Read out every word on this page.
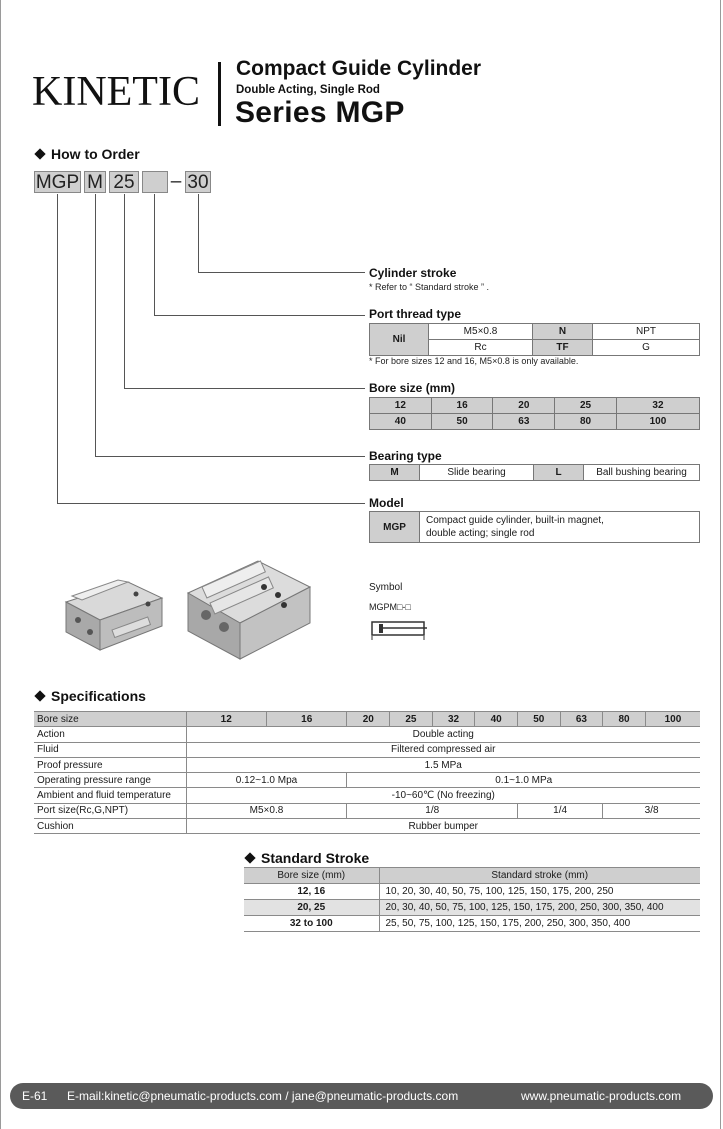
KINETIC
Compact Guide Cylinder
Double Acting, Single Rod
Series MGP
How to Order
MGP M 25 – 30
Cylinder stroke
* Refer to “ Standard stroke ” .
Port thread type
Nil	M5×0.8	N	NPT
	Rc	TF	G
* For bore sizes 12 and 16, M5×0.8 is only available.
Bore size (mm)
12	16	20	25	32
40	50	63	80	100
Bearing type
M	Slide bearing	L	Ball bushing bearing
Model
MGP	
Compact guide cylinder, built-in magnet,
double acting; single rod
Symbol
MGPM□-□
Specifications
Bore size	12	16	20	25	32	40	50	63	80	100
Action	Double acting									
Fluid	Filtered compressed air									
Proof pressure	1.5 MPa									
Operating pressure range	0.12~1.0 Mpa		0.1~1.0 MPa							
Ambient and fluid temperature	-10~60℃ (No freezing)									
Port size(Rc,G,NPT)	M5×0.8		1/8				1/4		3/8	
Cushion	Rubber bumper									
Standard Stroke
Bore size (mm)	Standard stroke (mm)
12, 16	10, 20, 30, 40, 50, 75, 100, 125, 150, 175, 200, 250
20, 25	20, 30, 40, 50, 75, 100, 125, 150, 175, 200, 250, 300, 350, 400
32 to 100	25, 50, 75, 100, 125, 150, 175, 200, 250, 300, 350, 400
E-61 E-mail:kinetic@pneumatic-products.com / jane@pneumatic-products.com	www.pneumatic-products.com
